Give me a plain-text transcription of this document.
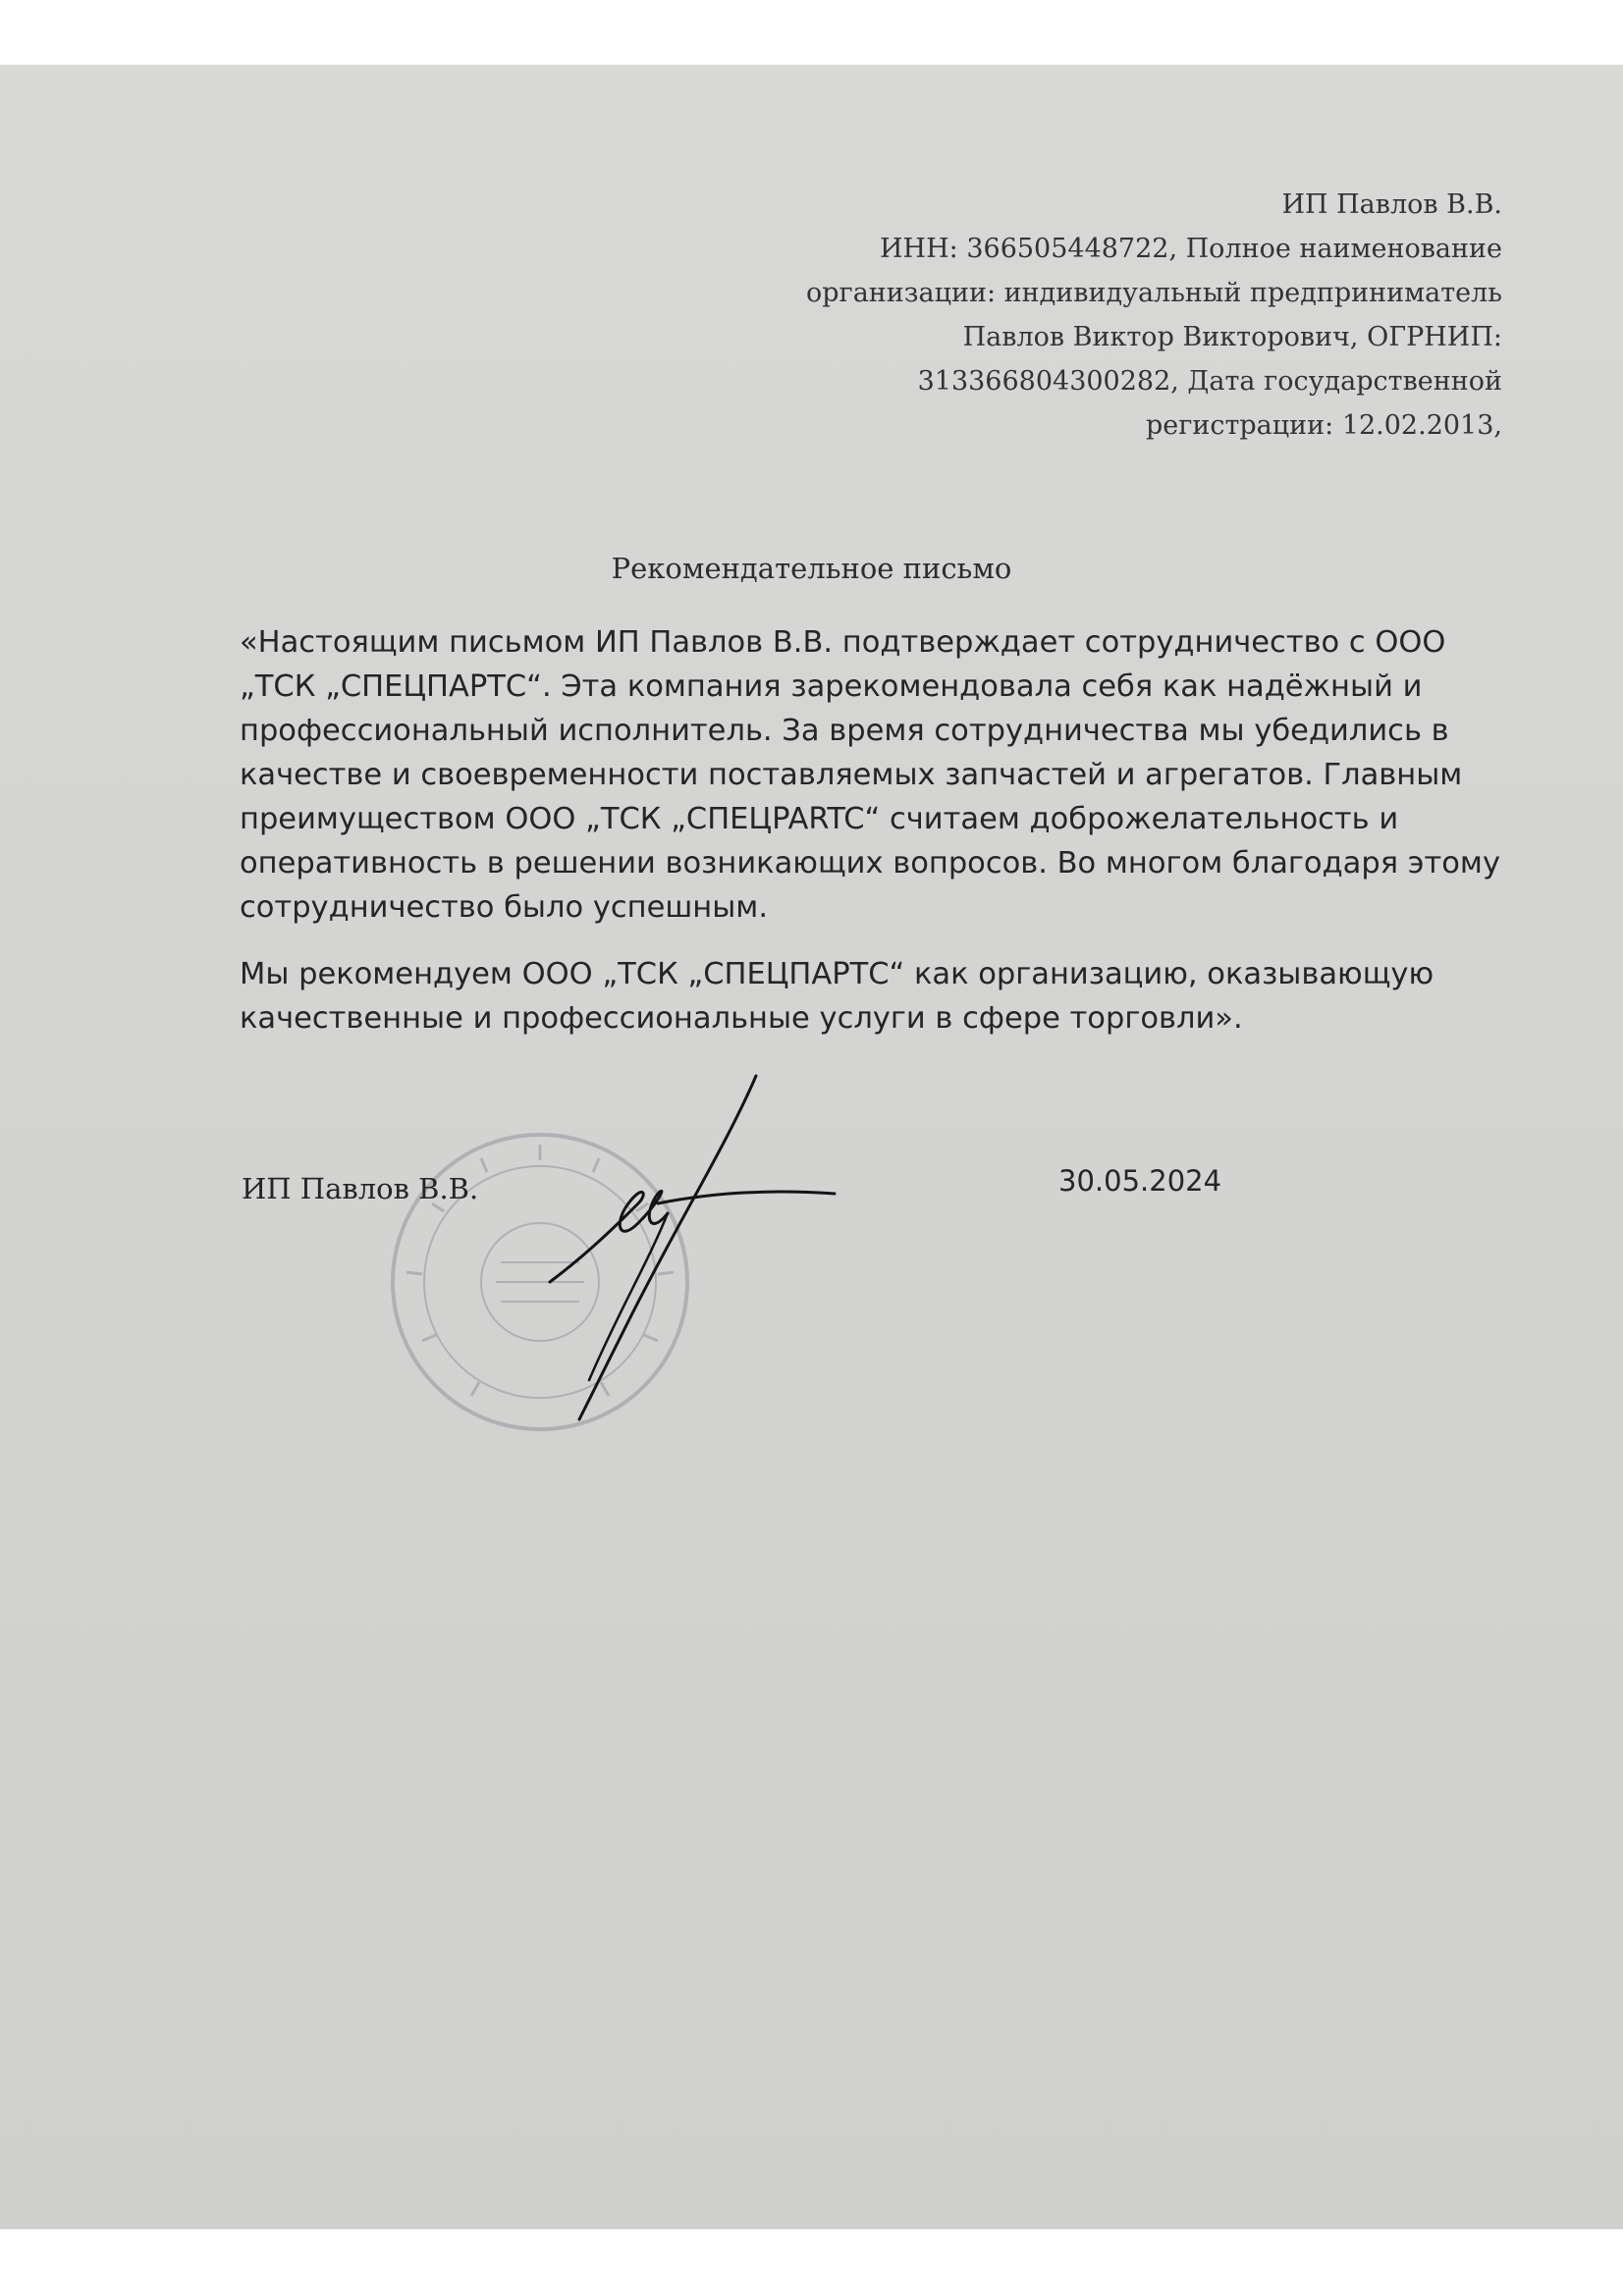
ИП Павлов В.В.
ИНН: 366505448722, Полное наименование
организации: индивидуальный предприниматель
Павлов Виктор Викторович, ОГРНИП:
313366804300282, Дата государственной
регистрации: 12.02.2013,
Рекомендательное письмо
«Настоящим письмом ИП Павлов В.В. подтверждает сотрудничество с ООО
„ТСК „СПЕЦПАРТС“. Эта компания зарекомендовала себя как надёжный и
профессиональный исполнитель. За время сотрудничества мы убедились в
качестве и своевременности поставляемых запчастей и агрегатов. Главным
преимуществом ООО „ТСК „СПЕЦPARTC“ считаем доброжелательность и
оперативность в решении возникающих вопросов. Во многом благодаря этому
сотрудничество было успешным.
Мы рекомендуем ООО „ТСК „СПЕЦПАРТС“ как организацию, оказывающую
качественные и профессиональные услуги в сфере торговли».
ИП Павлов В.В.	30.05.2024
